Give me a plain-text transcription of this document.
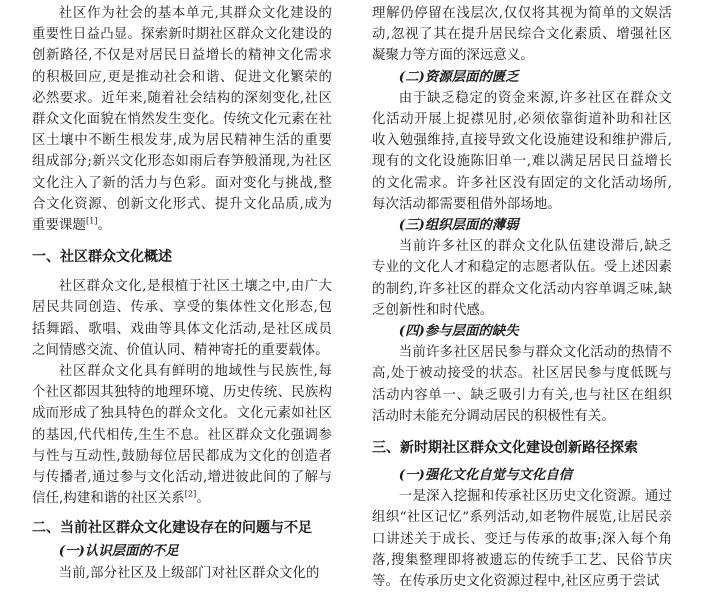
社区作为社会的基本单元,其群众文化建设的重要性日益凸显。探索新时期社区群众文化建设的创新路径,不仅是对居民日益增长的精神文化需求的积极回应,更是推动社会和谐、促进文化繁荣的必然要求。近年来,随着社会结构的深刻变化,社区群众文化面貌在悄然发生变化。传统文化元素在社区土壤中不断生根发芽,成为居民精神生活的重要组成部分;新兴文化形态如雨后春笋般涌现,为社区文化注入了新的活力与色彩。面对变化与挑战,整合文化资源、创新文化形式、提升文化品质,成为重要课题[1]。

一、社区群众文化概述

社区群众文化,是根植于社区土壤之中,由广大居民共同创造、传承、享受的集体性文化形态,包括舞蹈、歌唱、戏曲等具体文化活动,是社区成员之间情感交流、价值认同、精神寄托的重要载体。

社区群众文化具有鲜明的地域性与民族性,每个社区都因其独特的地理环境、历史传统、民族构成而形成了独具特色的群众文化。文化元素如社区的基因,代代相传,生生不息。社区群众文化强调参与性与互动性,鼓励每位居民都成为文化的创造者与传播者,通过参与文化活动,增进彼此间的了解与信任,构建和谐的社区关系[2]。

二、当前社区群众文化建设存在的问题与不足
(一)认识层面的不足

当前,部分社区及上级部门对社区群众文化的

理解仍停留在浅层次,仅仅将其视为简单的文娱活动,忽视了其在提升居民综合文化素质、增强社区凝聚力等方面的深远意义。

(二)资源层面的匮乏

由于缺乏稳定的资金来源,许多社区在群众文化活动开展上捉襟见肘,必须依靠街道补助和社区收入勉强维持,直接导致文化设施建设和维护滞后,现有的文化设施陈旧单一,难以满足居民日益增长的文化需求。许多社区没有固定的文化活动场所,每次活动都需要租借外部场地。

(三)组织层面的薄弱

当前许多社区的群众文化队伍建设滞后,缺乏专业的文化人才和稳定的志愿者队伍。受上述因素的制约,许多社区的群众文化活动内容单调乏味,缺乏创新性和时代感。

(四)参与层面的缺失

当前许多社区居民参与群众文化活动的热情不高,处于被动接受的状态。社区居民参与度低既与活动内容单一、缺乏吸引力有关,也与社区在组织活动时未能充分调动居民的积极性有关。

三、新时期社区群众文化建设创新路径探索
(一)强化文化自觉与文化自信

一是深入挖掘和传承社区历史文化资源。通过组织“社区记忆”系列活动,如老物件展览,让居民亲口讲述关于成长、变迁与传承的故事;深入每个角落,搜集整理即将被遗忘的传统手工艺、民俗节庆等。在传承历史文化资源过程中,社区应勇于尝试
